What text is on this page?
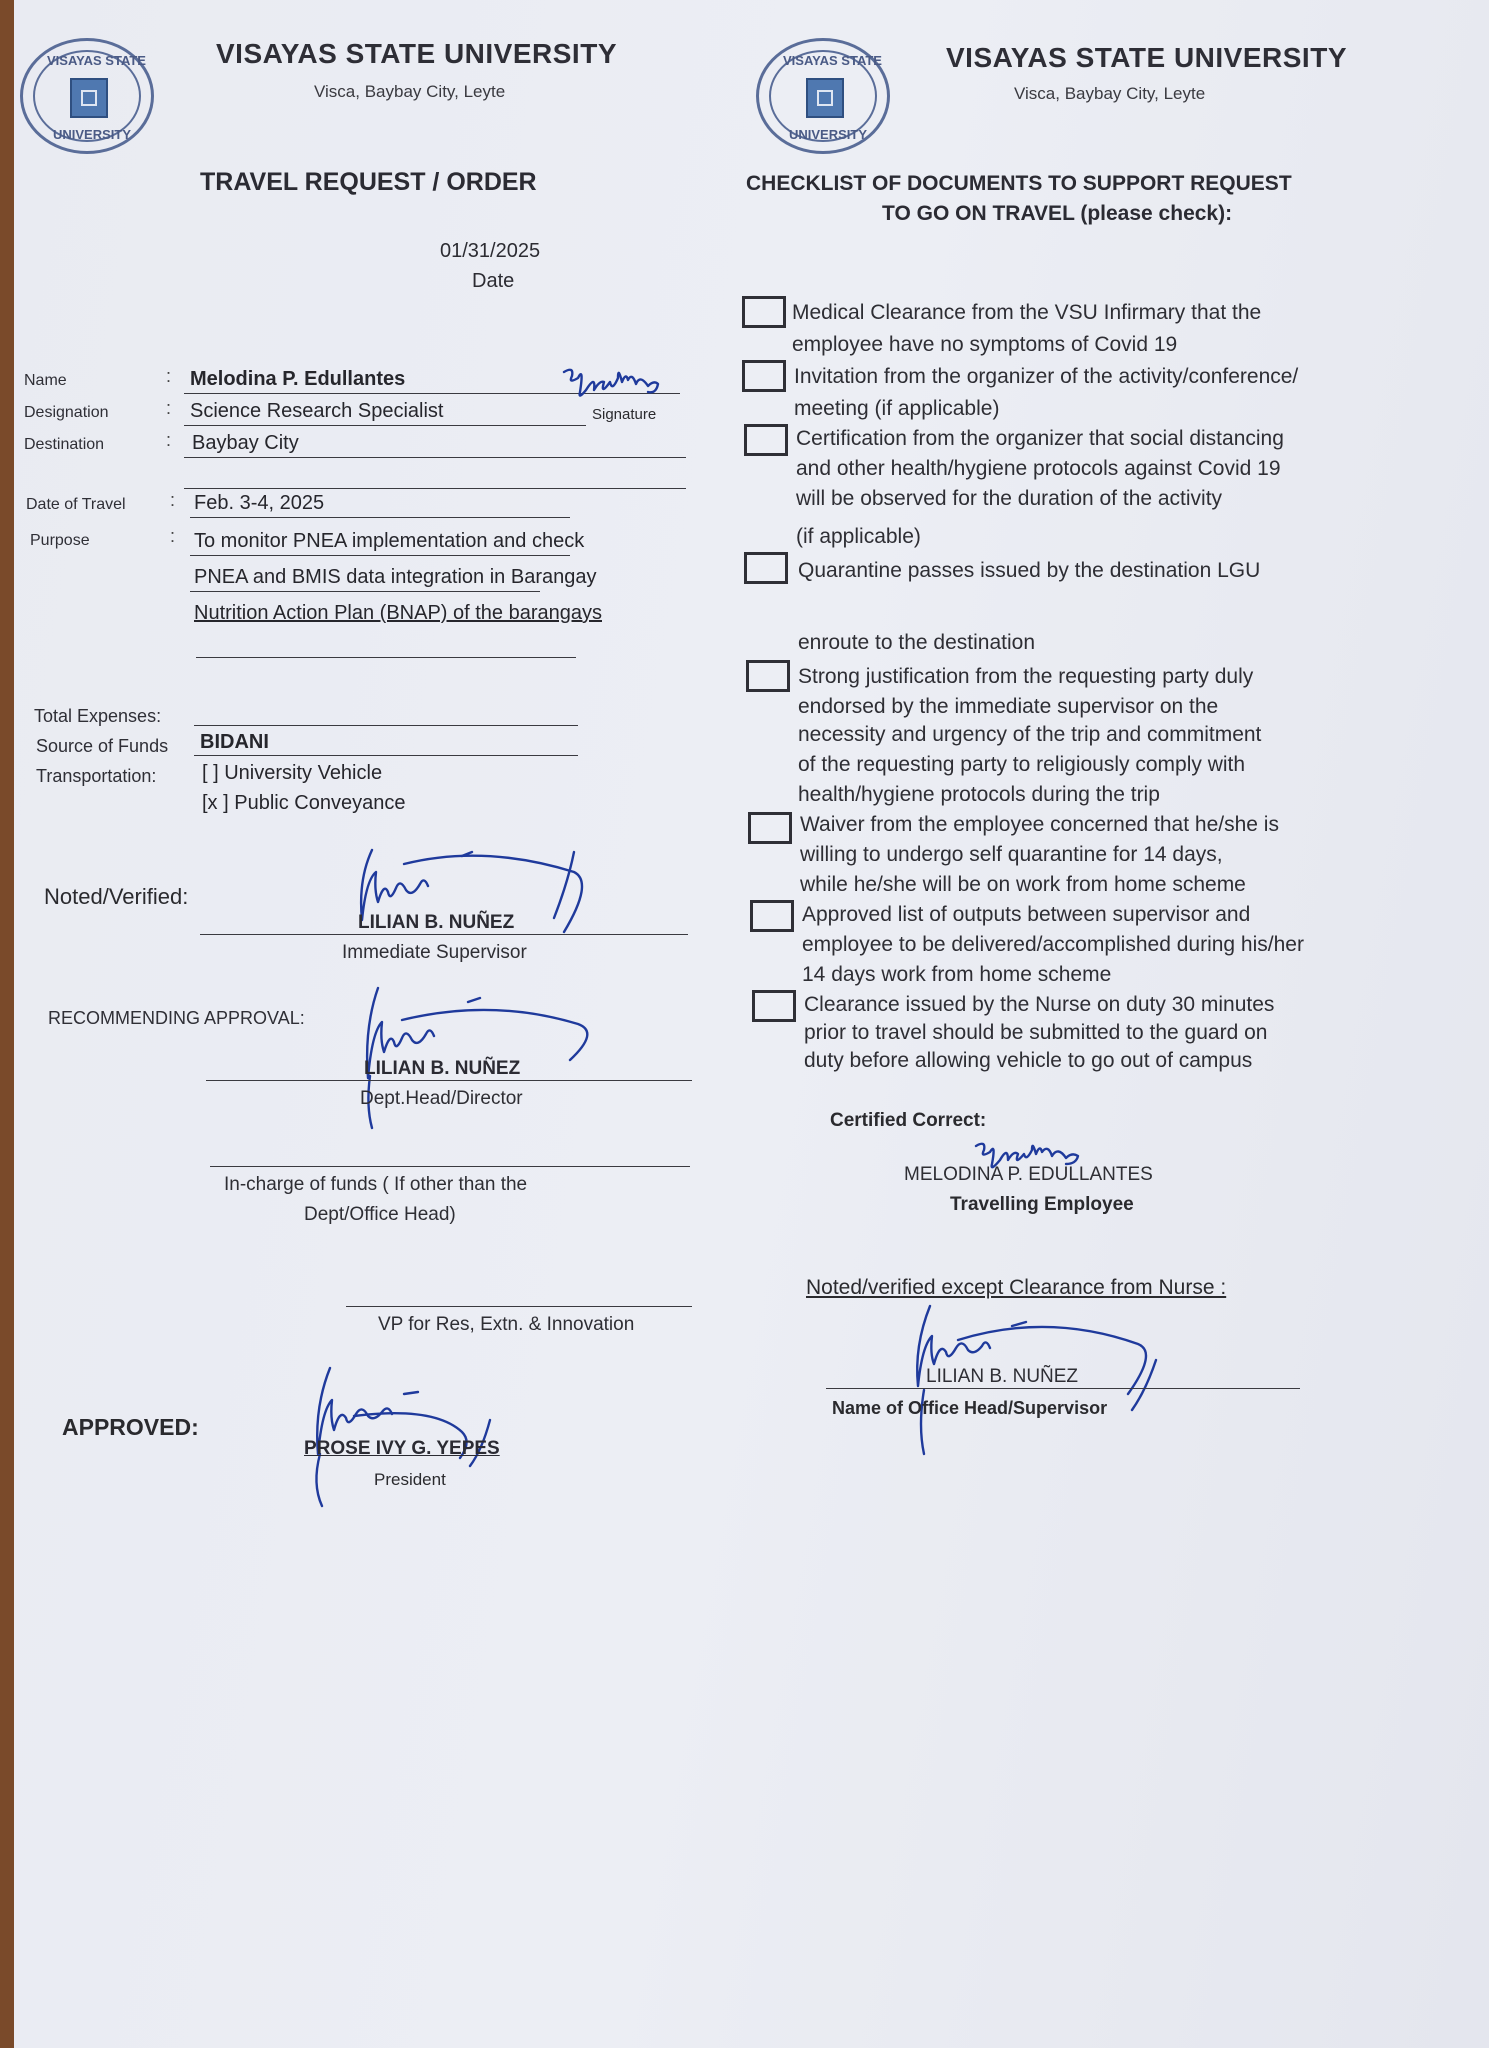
VISAYAS STATE
UNIVERSITY
VISAYAS STATE UNIVERSITY
Visca, Baybay City, Leyte
VISAYAS STATE
UNIVERSITY
VISAYAS STATE UNIVERSITY
Visca, Baybay City, Leyte
TRAVEL REQUEST / ORDER
01/31/2025
Date
Name	: Melodina P. Edullantes
Designation	: Science Research Specialist	Signature
Destination	: Baybay City
Date of Travel : Feb. 3-4, 2025
Purpose	: To monitor PNEA implementation and check
PNEA and BMIS data integration in Barangay
Nutrition Action Plan (BNAP) of the barangays
Total Expenses:
Source of Funds BIDANI
Transportation: [ ] University Vehicle
[x ] Public Conveyance
Noted/Verified:
LILIAN B. NUÑEZ
Immediate Supervisor
RECOMMENDING APPROVAL:
LILIAN B. NUÑEZ
Dept.Head/Director
In-charge of funds ( If other than the
Dept/Office Head)
VP for Res, Extn. & Innovation
APPROVED:
PROSE IVY G. YEPES
President
CHECKLIST OF DOCUMENTS TO SUPPORT REQUEST
TO GO ON TRAVEL (please check):
Medical Clearance from the VSU Infirmary that the
employee have no symptoms of Covid 19
Invitation from the organizer of the activity/conference/
meeting (if applicable)
Certification from the organizer that social distancing
and other health/hygiene protocols against Covid 19
will be observed for the duration of the activity
(if applicable)
Quarantine passes issued by the destination LGU
enroute to the destination
Strong justification from the requesting party duly
endorsed by the immediate supervisor on the
necessity and urgency of the trip and commitment
of the requesting party to religiously comply with
health/hygiene protocols during the trip
Waiver from the employee concerned that he/she is
willing to undergo self quarantine for 14 days,
while he/she will be on work from home scheme
Approved list of outputs between supervisor and
employee to be delivered/accomplished during his/her
14 days work from home scheme
Clearance issued by the Nurse on duty 30 minutes
prior to travel should be submitted to the guard on
duty before allowing vehicle to go out of campus
Certified Correct:
MELODINA P. EDULLANTES
Travelling Employee
Noted/verified except Clearance from Nurse :
LILIAN B. NUÑEZ
Name of Office Head/Supervisor
